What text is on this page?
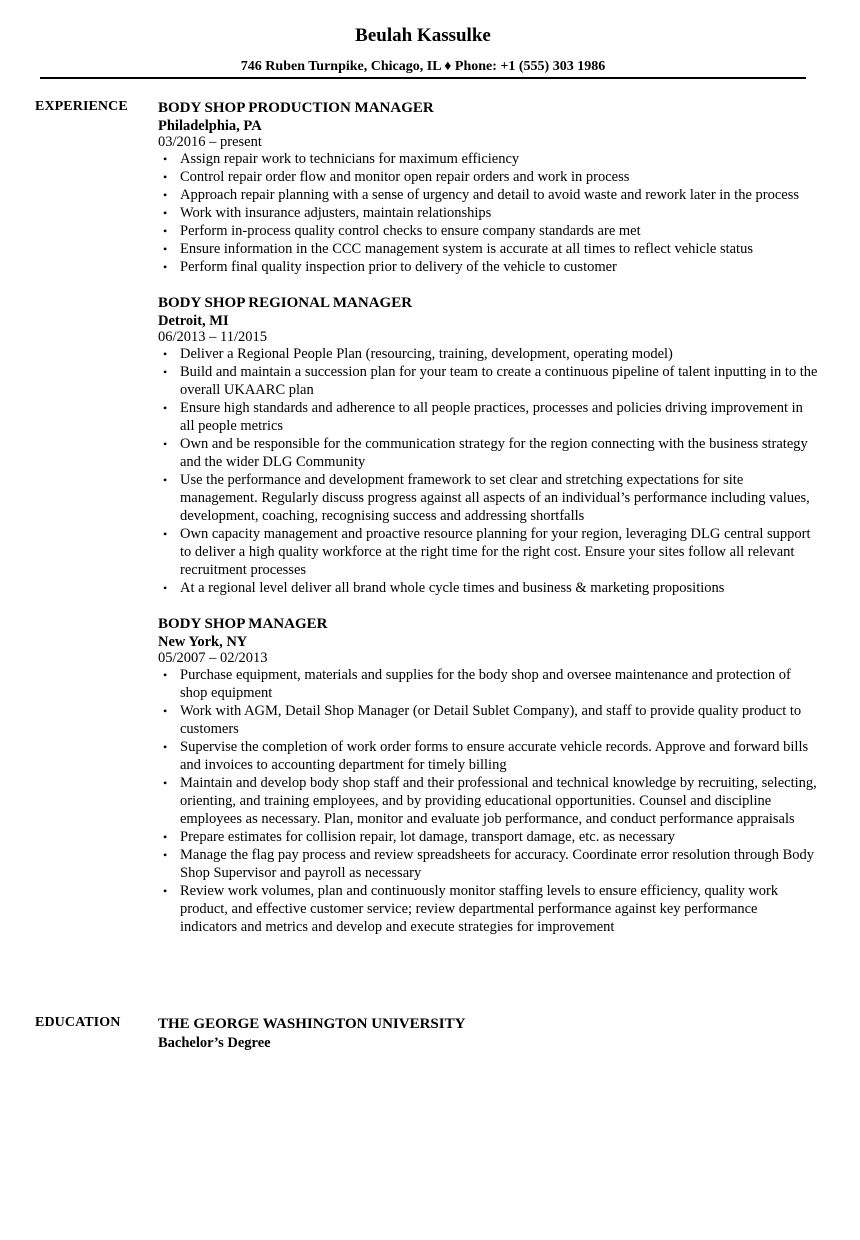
Beulah Kassulke
746 Ruben Turnpike, Chicago, IL ♦ Phone: +1 (555) 303 1986
EXPERIENCE BODY SHOP PRODUCTION MANAGER
Philadelphia, PA
03/2016 – present
• Assign repair work to technicians for maximum efficiency
• Control repair order flow and monitor open repair orders and work in process
• Approach repair planning with a sense of urgency and detail to avoid waste and rework later in the process
• Work with insurance adjusters, maintain relationships
• Perform in-process quality control checks to ensure company standards are met
• Ensure information in the CCC management system is accurate at all times to reflect vehicle status
• Perform final quality inspection prior to delivery of the vehicle to customer
BODY SHOP REGIONAL MANAGER
Detroit, MI
06/2013 – 11/2015
• Deliver a Regional People Plan (resourcing, training, development, operating model)
• Build and maintain a succession plan for your team to create a continuous pipeline of talent inputting in to the overall UKAARC plan
• Ensure high standards and adherence to all people practices, processes and policies driving improvement in all people metrics
• Own and be responsible for the communication strategy for the region connecting with the business strategy and the wider DLG Community
• Use the performance and development framework to set clear and stretching expectations for site management. Regularly discuss progress against all aspects of an individual’s performance including values, development, coaching, recognising success and addressing shortfalls
• Own capacity management and proactive resource planning for your region, leveraging DLG central support to deliver a high quality workforce at the right time for the right cost. Ensure your sites follow all relevant recruitment processes
• At a regional level deliver all brand whole cycle times and business & marketing propositions
BODY SHOP MANAGER
New York, NY
05/2007 – 02/2013
• Purchase equipment, materials and supplies for the body shop and oversee maintenance and protection of shop equipment
• Work with AGM, Detail Shop Manager (or Detail Sublet Company), and staff to provide quality product to customers
• Supervise the completion of work order forms to ensure accurate vehicle records. Approve and forward bills and invoices to accounting department for timely billing
• Maintain and develop body shop staff and their professional and technical knowledge by recruiting, selecting, orienting, and training employees, and by providing educational opportunities. Counsel and discipline employees as necessary. Plan, monitor and evaluate job performance, and conduct performance appraisals
• Prepare estimates for collision repair, lot damage, transport damage, etc. as necessary
• Manage the flag pay process and review spreadsheets for accuracy. Coordinate error resolution through Body Shop Supervisor and payroll as necessary
• Review work volumes, plan and continuously monitor staffing levels to ensure efficiency, quality work product, and effective customer service; review departmental performance against key performance indicators and metrics and develop and execute strategies for improvement
EDUCATION	THE GEORGE WASHINGTON UNIVERSITY
Bachelor’s Degree
